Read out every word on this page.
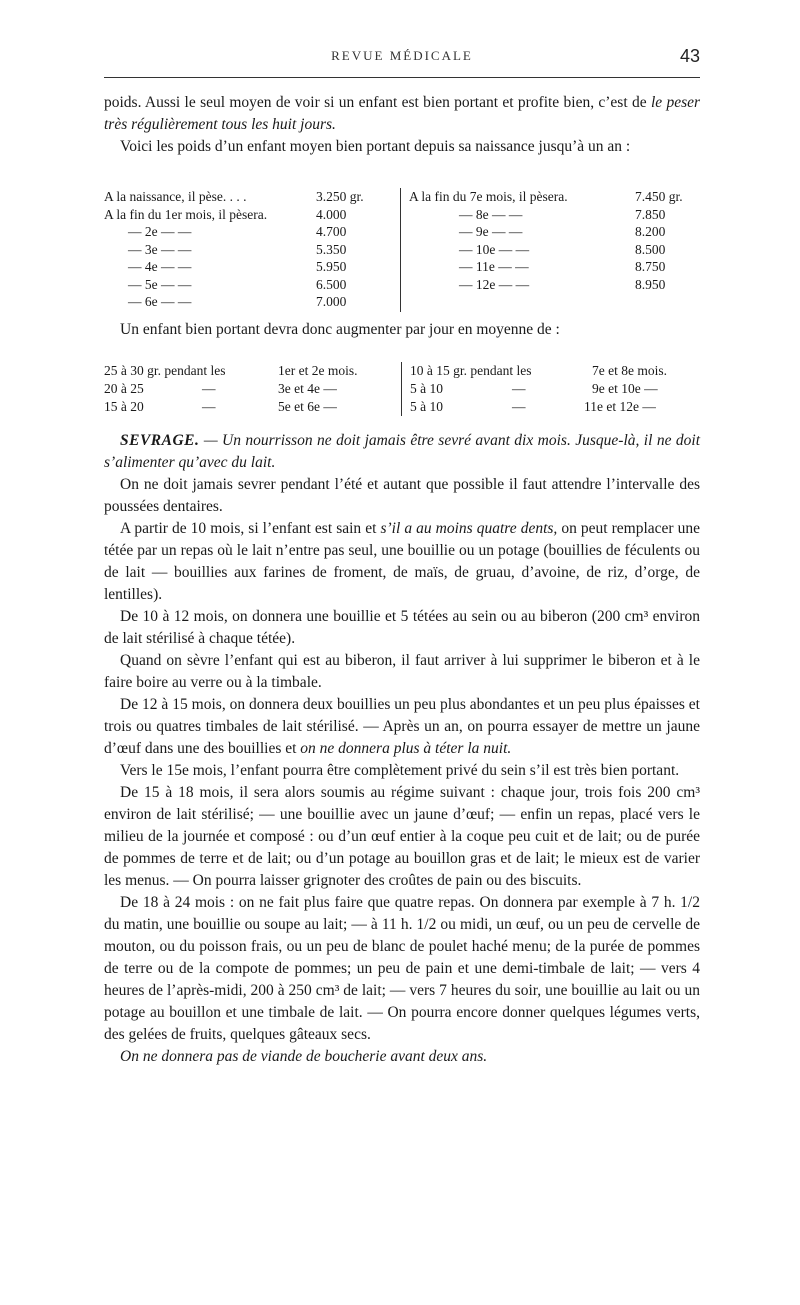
REVUE MÉDICALE	43

poids. Aussi le seul moyen de voir si un enfant est bien portant et profite bien, c’est de le peser très régulièrement tous les huit jours.

Voici les poids d’un enfant moyen bien portant depuis sa naissance jusqu’à un an :

A la naissance, il pèse. . . .	3.250 gr.
A la fin du 1er mois, il pèsera.	4.000
— 2e — —	4.700
— 3e — —	5.350
— 4e — —	5.950
— 5e — —	6.500
— 6e — —	7.000
A la fin du 7e mois, il pèsera.	7.450 gr.
— 8e — —	7.850
— 9e — —	8.200
— 10e — —	8.500
— 11e — —	8.750
— 12e — —	8.950

Un enfant bien portant devra donc augmenter par jour en moyenne de :

25 à 30 gr. pendant les	1er et 2e mois.	10 à 15 gr. pendant les	7e et 8e mois.
20 à 25	—	3e et 4e —	5 à 10	—	9e et 10e —
15 à 20	—	5e et 6e —	5 à 10	—	11e et 12e —

SEVRAGE. — Un nourrisson ne doit jamais être sevré avant dix mois. Jusque-là, il ne doit s’alimenter qu’avec du lait.

On ne doit jamais sevrer pendant l’été et autant que possible il faut attendre l’intervalle des poussées dentaires.

A partir de 10 mois, si l’enfant est sain et s’il a au moins quatre dents, on peut remplacer une tétée par un repas où le lait n’entre pas seul, une bouillie ou un potage (bouillies de féculents ou de lait — bouillies aux farines de froment, de maïs, de gruau, d’avoine, de riz, d’orge, de lentilles).

De 10 à 12 mois, on donnera une bouillie et 5 tétées au sein ou au biberon (200 cm³ environ de lait stérilisé à chaque tétée).

Quand on sèvre l’enfant qui est au biberon, il faut arriver à lui supprimer le biberon et à le faire boire au verre ou à la timbale.

De 12 à 15 mois, on donnera deux bouillies un peu plus abondantes et un peu plus épaisses et trois ou quatres timbales de lait stérilisé. — Après un an, on pourra essayer de mettre un jaune d’œuf dans une des bouillies et on ne donnera plus à téter la nuit.

Vers le 15e mois, l’enfant pourra être complètement privé du sein s’il est très bien portant.

De 15 à 18 mois, il sera alors soumis au régime suivant : chaque jour, trois fois 200 cm³ environ de lait stérilisé; — une bouillie avec un jaune d’œuf; — enfin un repas, placé vers le milieu de la journée et composé : ou d’un œuf entier à la coque peu cuit et de lait; ou de purée de pommes de terre et de lait; ou d’un potage au bouillon gras et de lait; le mieux est de varier les menus. — On pourra laisser grignoter des croûtes de pain ou des biscuits.

De 18 à 24 mois : on ne fait plus faire que quatre repas. On donnera par exemple à 7 h. 1/2 du matin, une bouillie ou soupe au lait; — à 11 h. 1/2 ou midi, un œuf, ou un peu de cervelle de mouton, ou du poisson frais, ou un peu de blanc de poulet haché menu; de la purée de pommes de terre ou de la compote de pommes; un peu de pain et une demi-timbale de lait; — vers 4 heures de l’après-midi, 200 à 250 cm³ de lait; — vers 7 heures du soir, une bouillie au lait ou un potage au bouillon et une timbale de lait. — On pourra encore donner quelques légumes verts, des gelées de fruits, quelques gâteaux secs.

On ne donnera pas de viande de boucherie avant deux ans.
